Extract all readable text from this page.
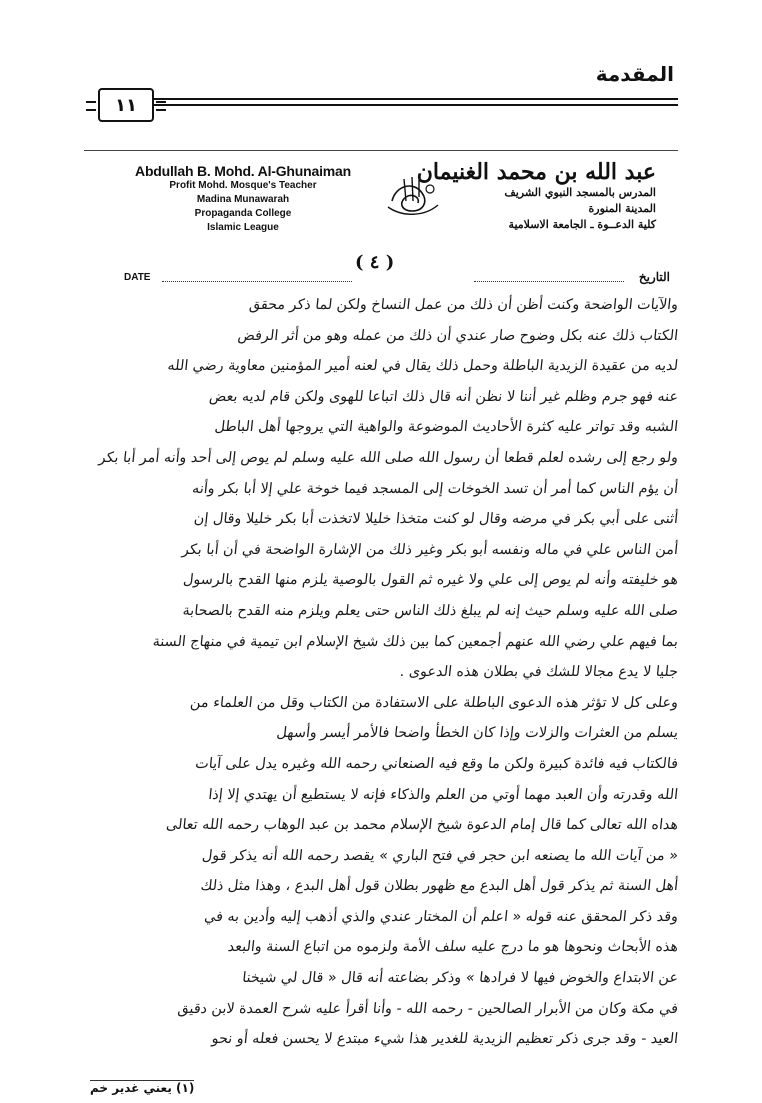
المقدمة
١١
Abdullah B. Mohd. Al-Ghunaiman
Profit Mohd. Mosque's Teacher
Madina Munawarah
Propaganda College
Islamic League
عبد الله بن محمد الغنيمان
المدرس بالمسجد النبوي الشريف
المدينة المنورة
كلية الدعــوة ـ الجامعة الاسلامية
( ٤ )
DATE	التاريخ
والآيات الواضحة وكنت أظن أن ذلك من عمل النساخ ولكن لما ذكر محقق
الكتاب ذلك عنه بكل وضوح صار عندي أن ذلك من عمله وهو من أثر الرفض
لديه من عقيدة الزيدية الباطلة وحمل ذلك يقال في لعنه أمير المؤمنين معاوية رضي الله
عنه فهو جرم وظلم غير أننا لا نظن أنه قال ذلك اتباعا للهوى ولكن قام لديه بعض
الشبه وقد تواتر عليه كثرة الأحاديث الموضوعة والواهية التي يروجها أهل الباطل
ولو رجع إلى رشده لعلم قطعا أن رسول الله صلى الله عليه وسلم لم يوص إلى أحد وأنه أمر أبا بكر
أن يؤم الناس كما أمر أن تسد الخوخات إلى المسجد فيما خوخة علي إلا أبا بكر وأنه
أثنى على أبي بكر في مرضه وقال لو كنت متخذا خليلا لاتخذت أبا بكر خليلا وقال إن
أمن الناس علي في ماله ونفسه أبو بكر وغير ذلك من الإشارة الواضحة في أن أبا بكر
هو خليفته وأنه لم يوص إلى علي ولا غيره ثم القول بالوصية يلزم منها القدح بالرسول
صلى الله عليه وسلم حيث إنه لم يبلغ ذلك الناس حتى يعلم ويلزم منه القدح بالصحابة
بما فيهم علي رضي الله عنهم أجمعين كما بين ذلك شيخ الإسلام ابن تيمية في منهاج السنة
جليا لا يدع مجالا للشك في بطلان هذه الدعوى .
وعلى كل لا تؤثر هذه الدعوى الباطلة على الاستفادة من الكتاب وقل من العلماء من
يسلم من العثرات والزلات وإذا كان الخطأ واضحا فالأمر أيسر وأسهل
فالكتاب فيه فائدة كبيرة ولكن ما وقع فيه الصنعاني رحمه الله وغيره يدل على آيات
الله وقدرته وأن العبد مهما أوتي من العلم والذكاء فإنه لا يستطيع أن يهتدي إلا إذا
هداه الله تعالى كما قال إمام الدعوة شيخ الإسلام محمد بن عبد الوهاب رحمه الله تعالى
« من آيات الله ما يصنعه ابن حجر في فتح الباري » يقصد رحمه الله أنه يذكر قول
أهل السنة ثم يذكر قول أهل البدع مع ظهور بطلان قول أهل البدع ، وهذا مثل ذلك
وقد ذكر المحقق عنه قوله « اعلم أن المختار عندي والذي أذهب إليه وأدين به في
هذه الأبحاث ونحوها هو ما درج عليه سلف الأمة ولزموه من اتباع السنة والبعد
عن الابتداع والخوض فيها لا فرادها » وذكر بضاعته أنه قال « قال لي شيخنا
في مكة وكان من الأبرار الصالحين - رحمه الله - وأنا أقرأ عليه شرح العمدة لابن دقيق
العيد - وقد جرى ذكر تعظيم الزيدية للغدير هذا شيء مبتدع لا يحسن فعله أو نحو
(١) يعني غدير خم
